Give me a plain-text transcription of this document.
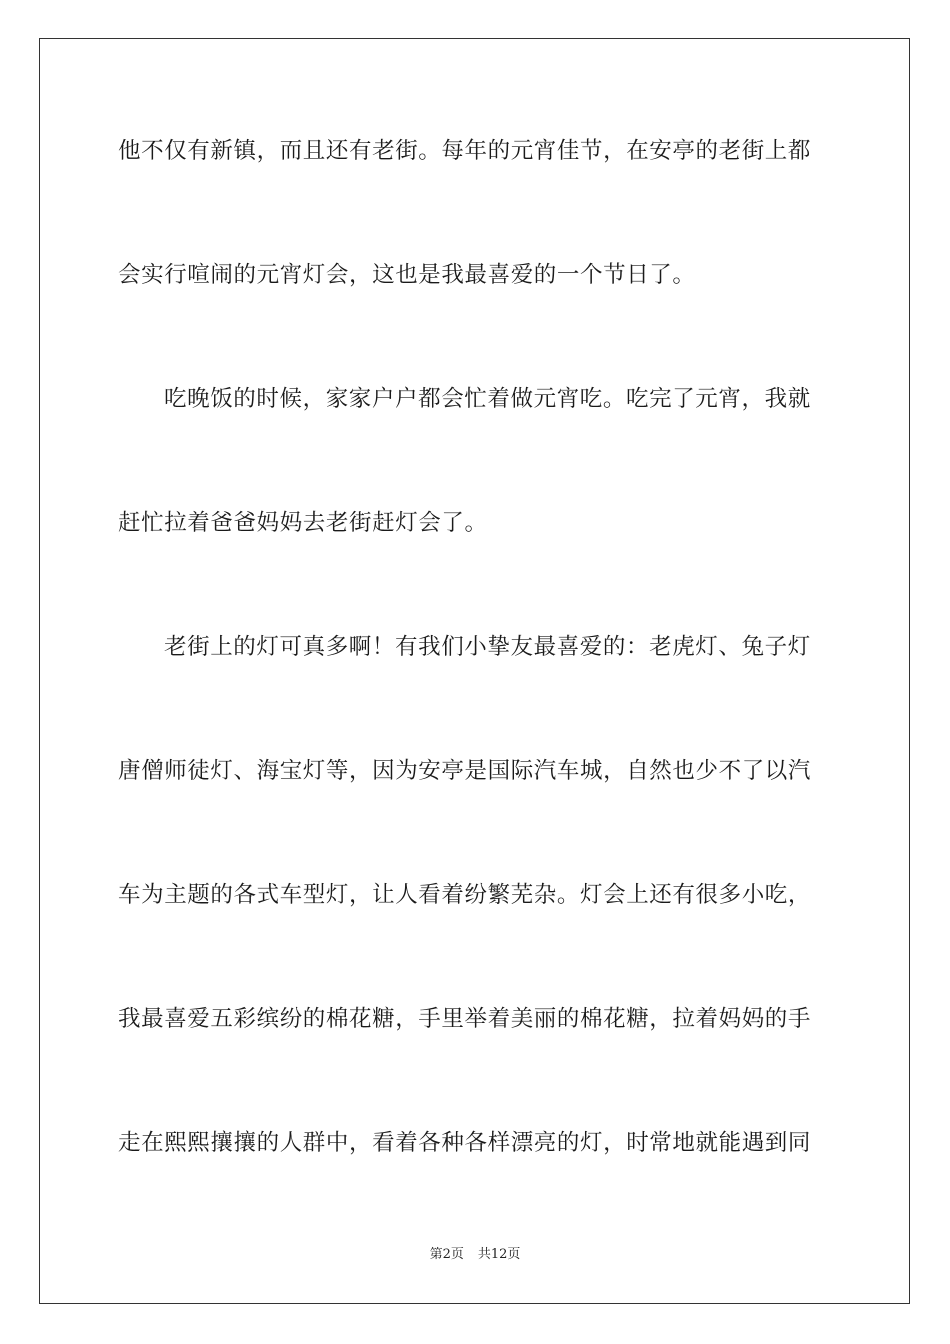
他不仅有新镇，而且还有老街。每年的元宵佳节，在安亭的老街上都
会实行喧闹的元宵灯会，这也是我最喜爱的一个节日了。
吃晚饭的时候，家家户户都会忙着做元宵吃。吃完了元宵，我就
赶忙拉着爸爸妈妈去老街赶灯会了。
老街上的灯可真多啊！有我们小挚友最喜爱的：老虎灯、兔子灯
唐僧师徒灯、海宝灯等，因为安亭是国际汽车城，自然也少不了以汽
车为主题的各式车型灯，让人看着纷繁芜杂。灯会上还有很多小吃，
我最喜爱五彩缤纷的棉花糖，手里举着美丽的棉花糖，拉着妈妈的手
走在熙熙攘攘的人群中，看着各种各样漂亮的灯，时常地就能遇到同
第2页 共12页
